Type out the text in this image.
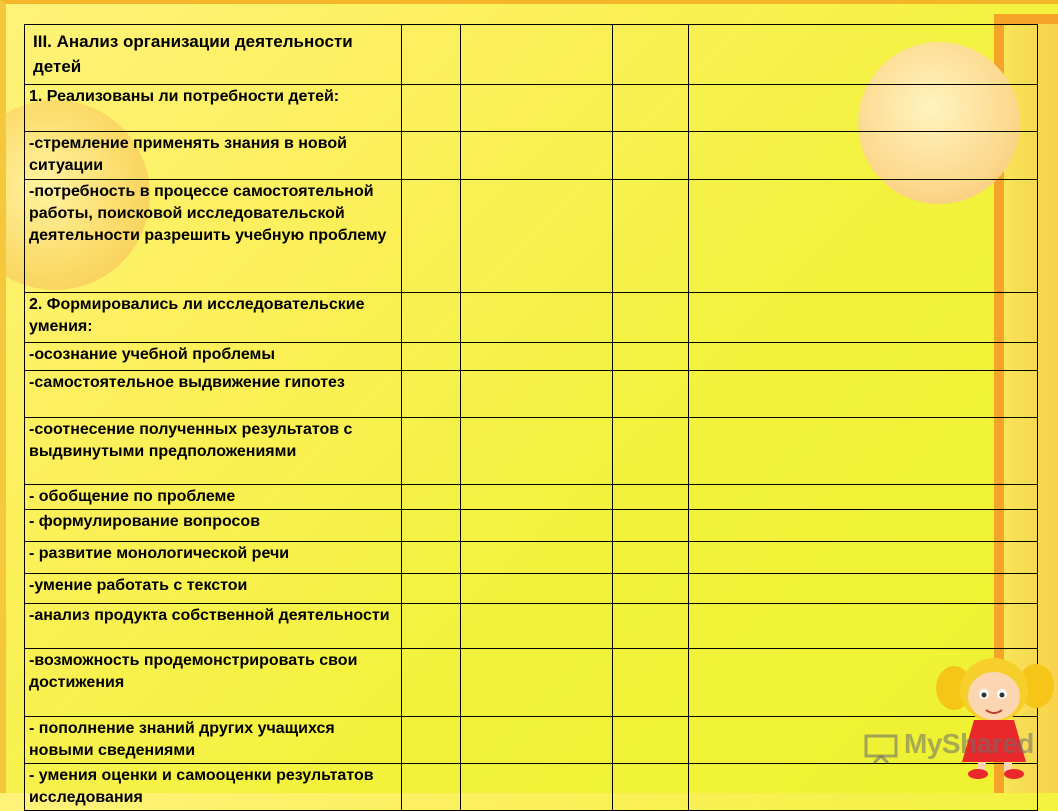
III. Анализ организации деятельности детей				
1. Реализованы ли потребности детей:				
-стремление применять знания в новой ситуации				
-потребность в процессе самостоятельной работы, поисковой исследовательской деятельности разрешить учебную проблему				
2. Формировались ли исследовательские умения:				
-осознание учебной проблемы				
-самостоятельное выдвижение гипотез				
-соотнесение полученных результатов с выдвинутыми предположениями				
- обобщение по проблеме				
- формулирование вопросов				
- развитие монологической речи				
-умение работать с текстои				
-анализ продукта собственной деятельности				
-возможность продемонстрировать свои достижения				
- пополнение знаний других учащихся новыми сведениями				
- умения оценки и самооценки результатов исследования				
MyShared
